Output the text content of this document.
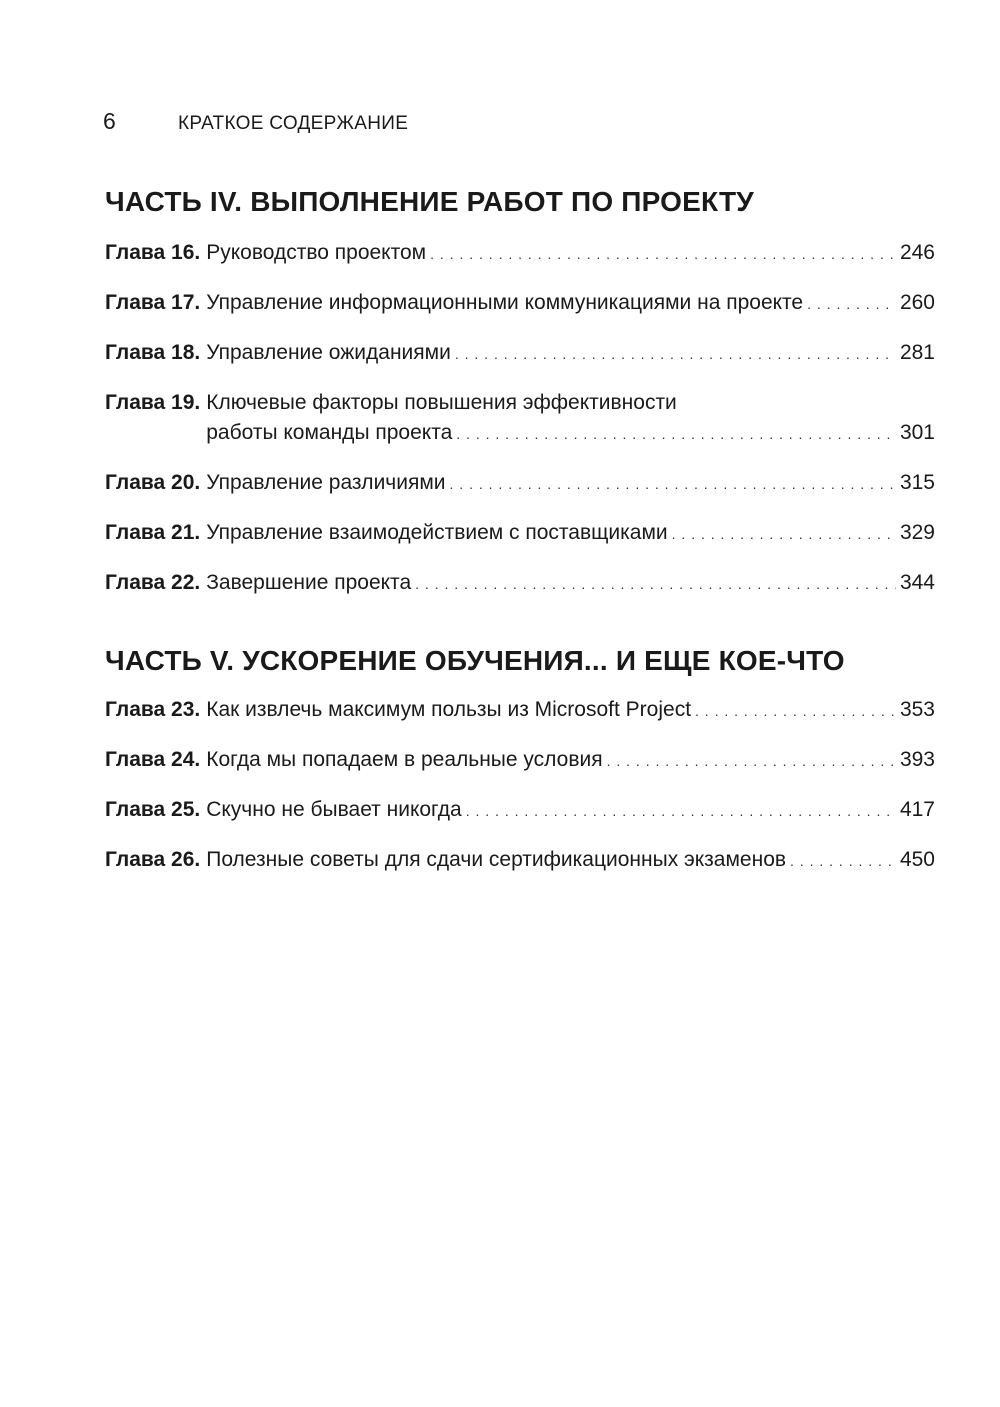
6	КРАТКОЕ СОДЕРЖАНИЕ
ЧАСТЬ IV. ВЫПОЛНЕНИЕ РАБОТ ПО ПРОЕКТУ
Глава 16. Руководство проектом . . .	246
Глава 17. Управление информационными коммуникациями на проекте . . .	260
Глава 18. Управление ожиданиями . . .	281
Глава 19. Ключевые факторы повышения эффективности
работы команды проекта . . .	301
Глава 20. Управление различиями . . .	315
Глава 21. Управление взаимодействием с поставщиками . . .	329
Глава 22. Завершение проекта . . .	344
ЧАСТЬ V. УСКОРЕНИЕ ОБУЧЕНИЯ... И ЕЩЕ КОЕ-ЧТО
Глава 23. Как извлечь максимум пользы из Microsoft Project . . .	353
Глава 24. Когда мы попадаем в реальные условия . . .	393
Глава 25. Скучно не бывает никогда . . .	417
Глава 26. Полезные советы для сдачи сертификационных экзаменов . . .	450
